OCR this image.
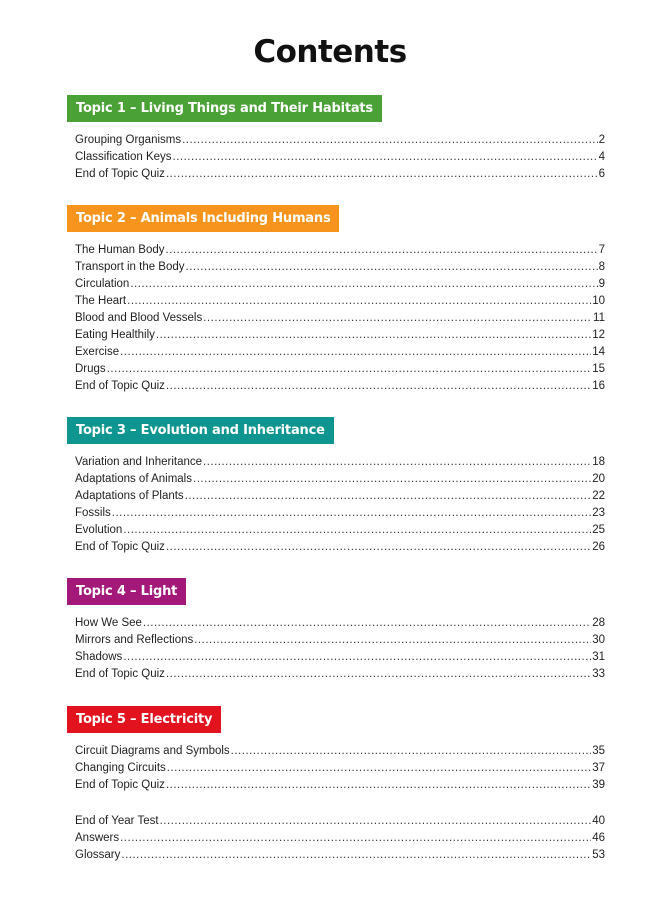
Contents
Topic 1 – Living Things and Their Habitats
Grouping Organisms .....	2
Classification Keys .....	4
End of Topic Quiz .....	6
Topic 2 – Animals Including Humans
The Human Body .....	7
Transport in the Body .....	8
Circulation .....	9
The Heart .....	10
Blood and Blood Vessels .....	11
Eating Healthily .....	12
Exercise .....	14
Drugs .....	15
End of Topic Quiz .....	16
Topic 3 – Evolution and Inheritance
Variation and Inheritance .....	18
Adaptations of Animals .....	20
Adaptations of Plants .....	22
Fossils .....	23
Evolution .....	25
End of Topic Quiz .....	26
Topic 4 – Light
How We See .....	28
Mirrors and Reflections .....	30
Shadows .....	31
End of Topic Quiz .....	33
Topic 5 – Electricity
Circuit Diagrams and Symbols .....	35
Changing Circuits .....	37
End of Topic Quiz .....	39
End of Year Test .....	40
Answers .....	46
Glossary .....	53
